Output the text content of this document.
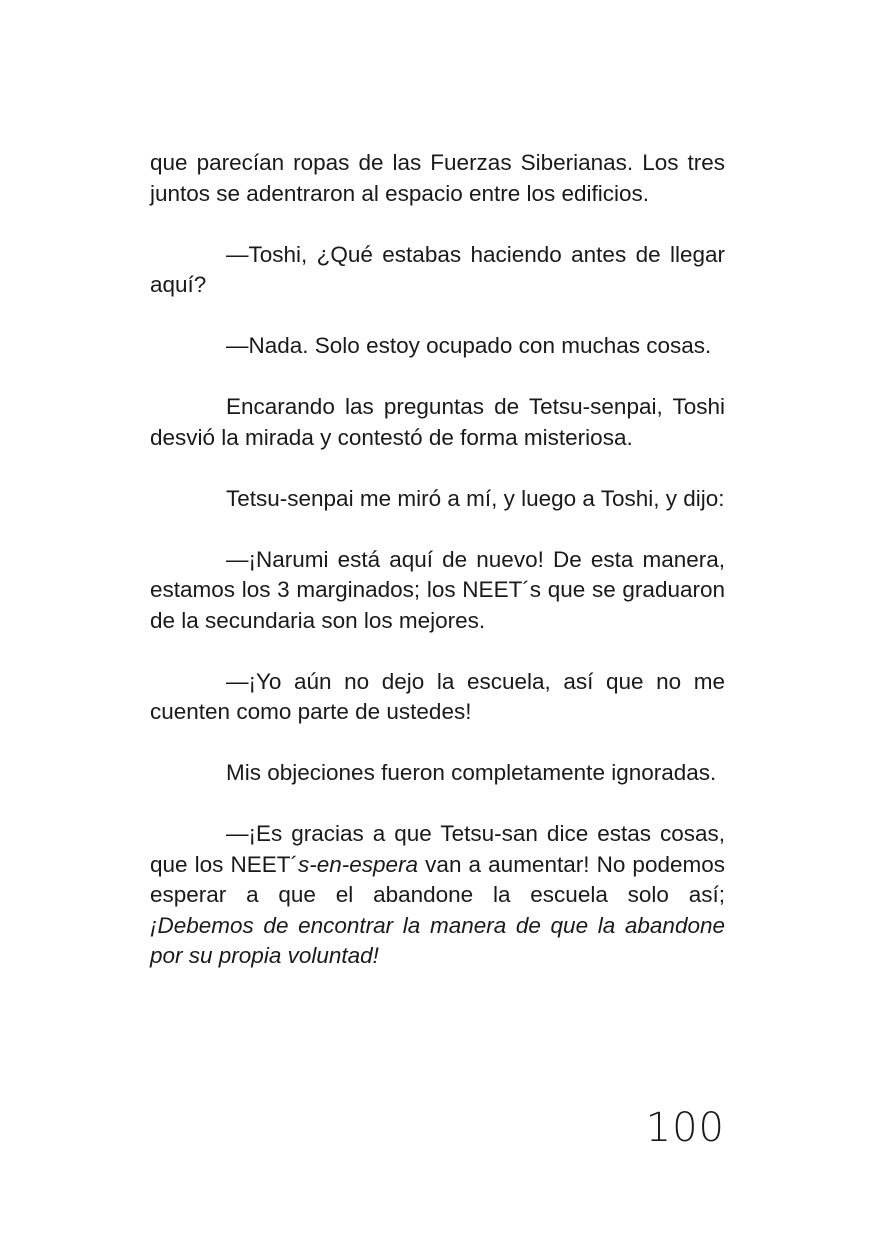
que parecían ropas de las Fuerzas Siberianas. Los tres juntos se adentraron al espacio entre los edificios.

—Toshi, ¿Qué estabas haciendo antes de llegar aquí?

—Nada. Solo estoy ocupado con muchas cosas.

Encarando las preguntas de Tetsu-senpai, Toshi desvió la mirada y contestó de forma misteriosa.

Tetsu-senpai me miró a mí, y luego a Toshi, y dijo:

—¡Narumi está aquí de nuevo! De esta manera, estamos los 3 marginados; los NEET´s que se graduaron de la secundaria son los mejores.

—¡Yo aún no dejo la escuela, así que no me cuenten como parte de ustedes!

Mis objeciones fueron completamente ignoradas.

—¡Es gracias a que Tetsu-san dice estas cosas, que los NEET´s-en-espera van a aumentar! No podemos esperar a que el abandone la escuela solo así; ¡Debemos de encontrar la manera de que la abandone por su propia voluntad!

100
